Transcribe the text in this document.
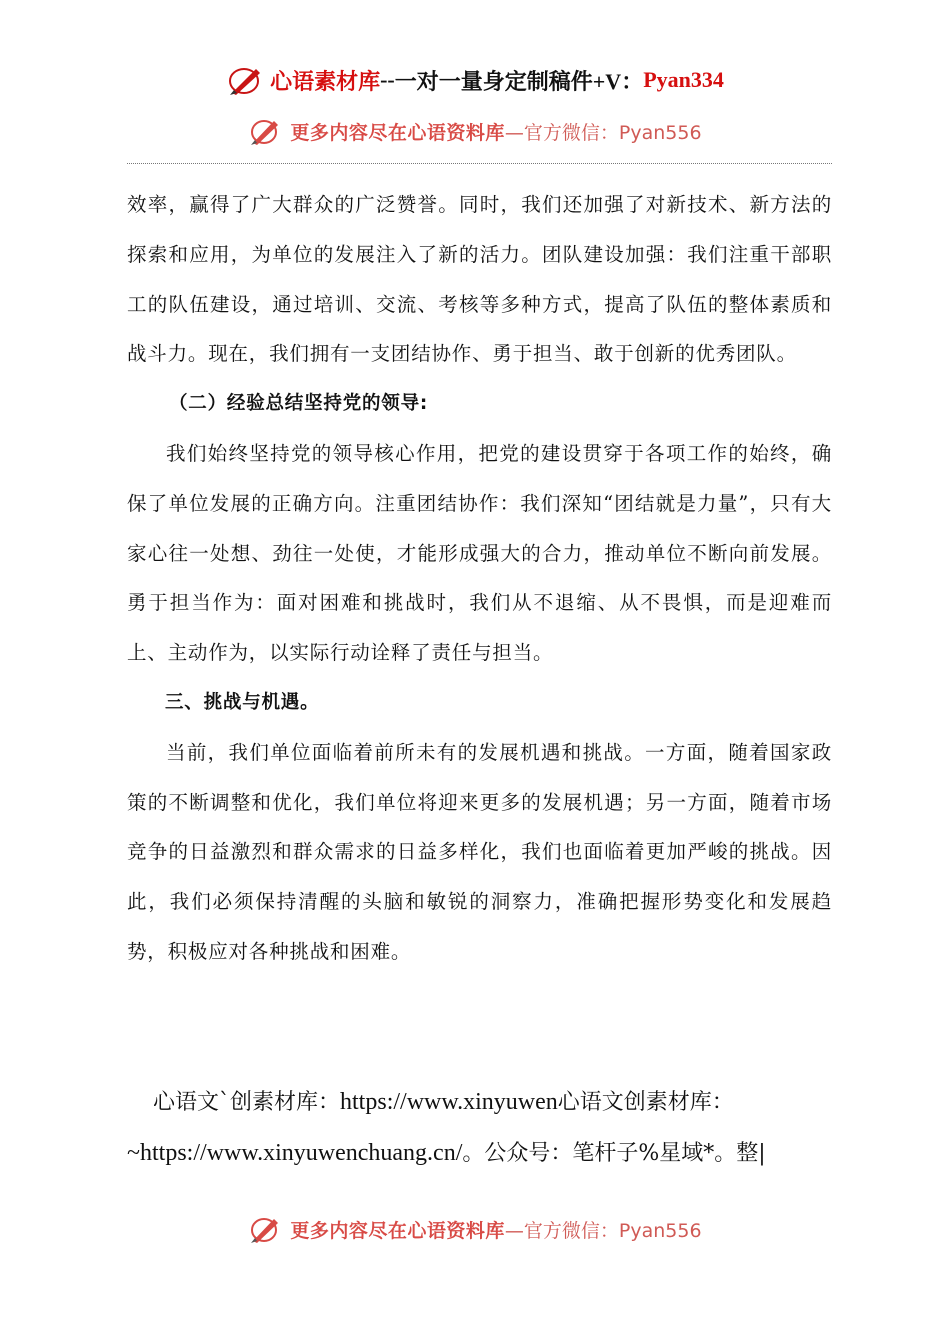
心语素材库 -- 一对一量身定制稿件+V： Pyan334
更多内容尽在心语资料库 —官方微信：Pyan556

效率，赢得了广大群众的广泛赞誉。同时，我们还加强了对新技术、新方法的探索和应用，为单位的发展注入了新的活力。团队建设加强：我们注重干部职工的队伍建设，通过培训、交流、考核等多种方式，提高了队伍的整体素质和战斗力。现在，我们拥有一支团结协作、勇于担当、敢于创新的优秀团队。

（二）经验总结坚持党的领导:

我们始终坚持党的领导核心作用，把党的建设贯穿于各项工作的始终，确保了单位发展的正确方向。注重团结协作：我们深知“团结就是力量”，只有大家心往一处想、劲往一处使，才能形成强大的合力，推动单位不断向前发展。勇于担当作为：面对困难和挑战时，我们从不退缩、从不畏惧，而是迎难而上、主动作为，以实际行动诠释了责任与担当。

三、挑战与机遇。

当前，我们单位面临着前所未有的发展机遇和挑战。一方面，随着国家政策的不断调整和优化，我们单位将迎来更多的发展机遇；另一方面，随着市场竞争的日益激烈和群众需求的日益多样化，我们也面临着更加严峻的挑战。因此，我们必须保持清醒的头脑和敏锐的洞察力，准确把握形势变化和发展趋势，积极应对各种挑战和困难。

心语文`创素材库：https://www.xinyuwen心语文创素材库：
~https://www.xinyuwenchuang.cn/。公众号：笔杆子%星域*。整|
更多内容尽在心语资料库 —官方微信：Pyan556
